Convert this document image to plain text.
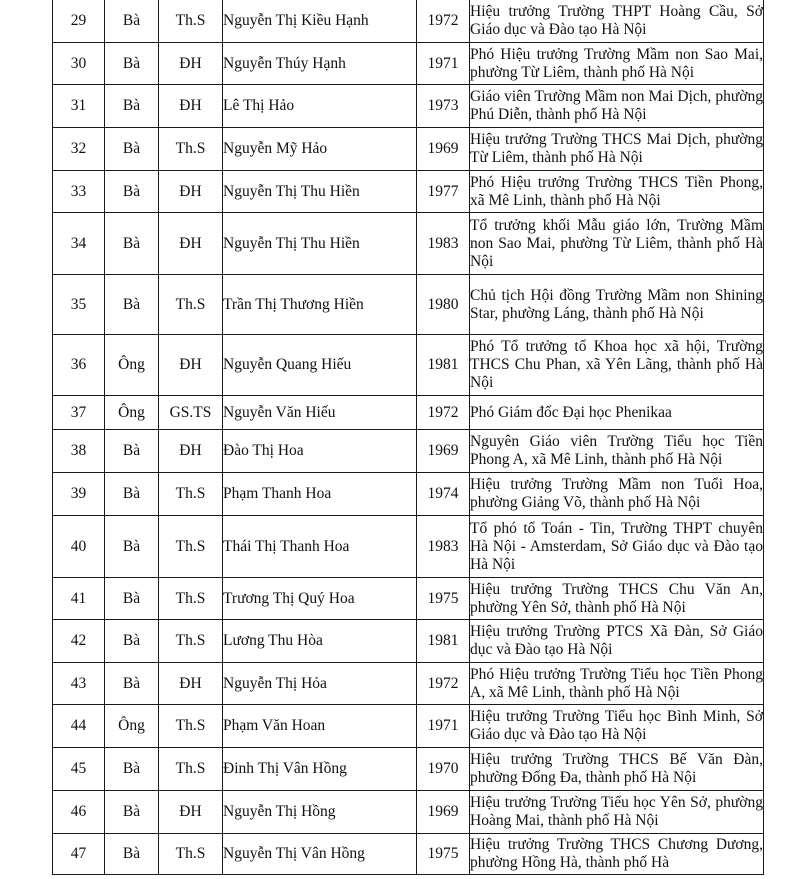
29	Bà	Th.S	Nguyễn Thị Kiều Hạnh	1972	Hiệu trưởng Trường THPT Hoàng Cầu, Sở Giáo dục và Đào tạo Hà Nội

30	Bà	ĐH	Nguyễn Thúy Hạnh	1971	Phó Hiệu trưởng Trường Mầm non Sao Mai, phường Từ Liêm, thành phố Hà Nội

31	Bà	ĐH	Lê Thị Hảo	1973	Giáo viên Trường Mầm non Mai Dịch, phường Phú Diễn, thành phố Hà Nội

32	Bà	Th.S	Nguyễn Mỹ Hảo	1969	Hiệu trưởng Trường THCS Mai Dịch, phường Từ Liêm, thành phố Hà Nội

33	Bà	ĐH	Nguyễn Thị Thu Hiền	1977	Phó Hiệu trưởng Trường THCS Tiền Phong, xã Mê Linh, thành phố Hà Nội

34	Bà	ĐH	Nguyễn Thị Thu Hiền	1983	Tổ trưởng khối Mẫu giáo lớn, Trường Mầm non Sao Mai, phường Từ Liêm, thành phố Hà Nội

35	Bà	Th.S	Trần Thị Thương Hiền	1980	Chủ tịch Hội đồng Trường Mầm non Shining Star, phường Láng, thành phố Hà Nội

36	Ông	ĐH	Nguyễn Quang Hiếu	1981	Phó Tổ trưởng tổ Khoa học xã hội, Trường THCS Chu Phan, xã Yên Lãng, thành phố Hà Nội

37	Ông	GS.TS	Nguyễn Văn Hiếu	1972	Phó Giám đốc Đại học Phenikaa

38	Bà	ĐH	Đào Thị Hoa	1969	Nguyên Giáo viên Trường Tiểu học Tiền Phong A, xã Mê Linh, thành phố Hà Nội

39	Bà	Th.S	Phạm Thanh Hoa	1974	Hiệu trưởng Trường Mầm non Tuổi Hoa, phường Giảng Võ, thành phố Hà Nội

40	Bà	Th.S	Thái Thị Thanh Hoa	1983	Tổ phó tổ Toán - Tin, Trường THPT chuyên Hà Nội - Amsterdam, Sở Giáo dục và Đào tạo Hà Nội

41	Bà	Th.S	Trương Thị Quý Hoa	1975	Hiệu trưởng Trường THCS Chu Văn An, phường Yên Sở, thành phố Hà Nội

42	Bà	Th.S	Lương Thu Hòa	1981	Hiệu trưởng Trường PTCS Xã Đàn, Sở Giáo dục và Đào tạo Hà Nội

43	Bà	ĐH	Nguyễn Thị Hỏa	1972	Phó Hiệu trưởng Trường Tiểu học Tiền Phong A, xã Mê Linh, thành phố Hà Nội

44	Ông	Th.S	Phạm Văn Hoan	1971	Hiệu trưởng Trường Tiểu học Bình Minh, Sở Giáo dục và Đào tạo Hà Nội

45	Bà	Th.S	Đinh Thị Vân Hồng	1970	Hiệu trưởng Trường THCS Bế Văn Đàn, phường Đống Đa, thành phố Hà Nội

46	Bà	ĐH	Nguyễn Thị Hồng	1969	Hiệu trưởng Trường Tiểu học Yên Sở, phường Hoàng Mai, thành phố Hà Nội

47	Bà	Th.S	Nguyễn Thị Vân Hồng	1975	Hiệu trưởng Trường THCS Chương Dương, phường Hồng Hà, thành phố Hà
